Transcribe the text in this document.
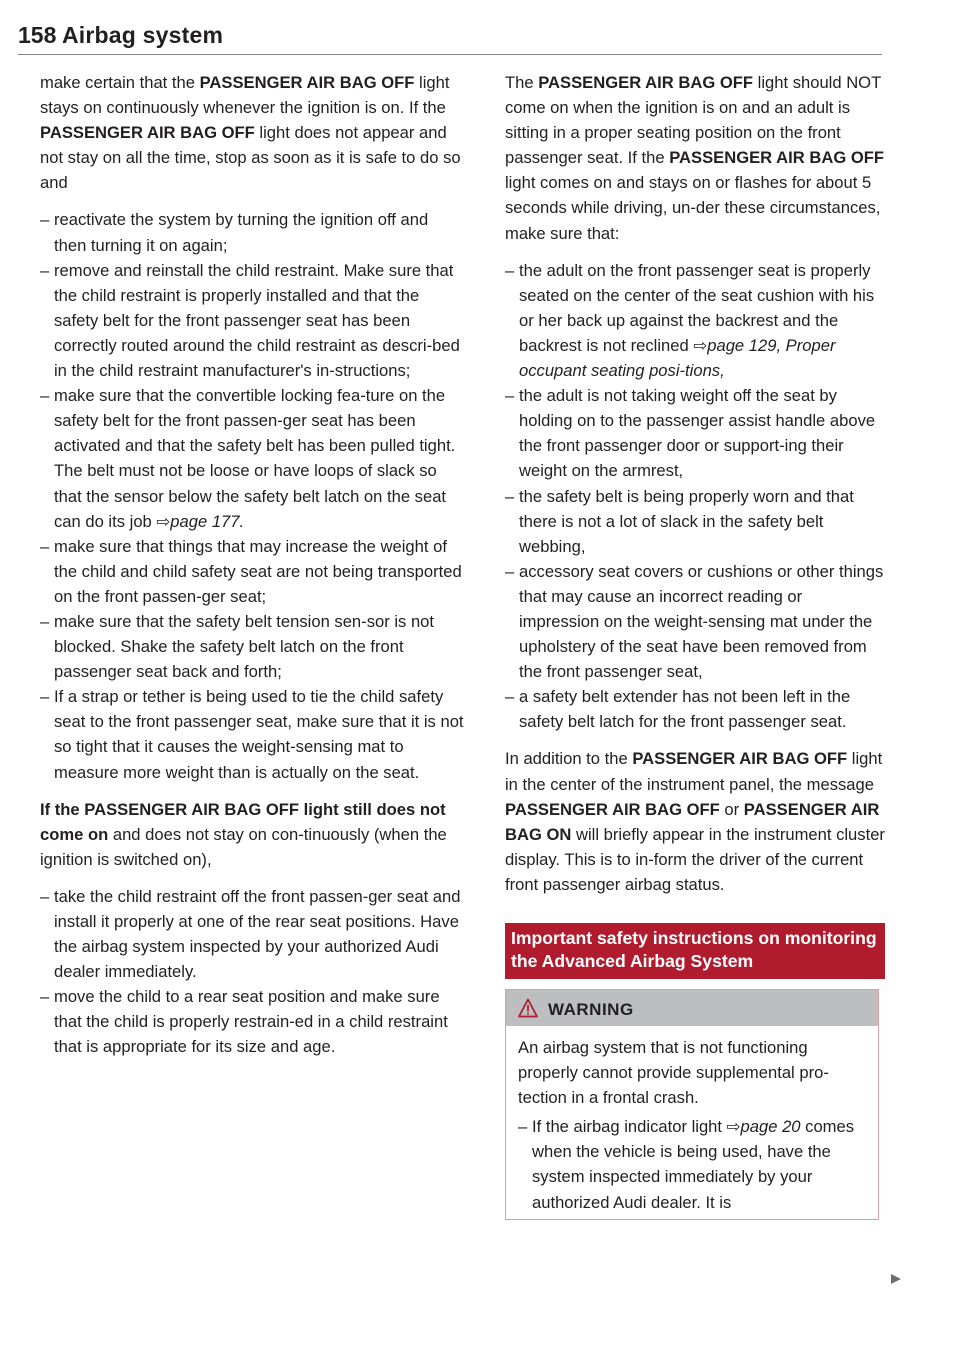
158 Airbag system

make certain that the PASSENGER AIR BAG OFF light stays on continuously whenever the ignition is on. If the PASSENGER AIR BAG OFF light does not appear and not stay on all the time, stop as soon as it is safe to do so and

– reactivate the system by turning the ignition off and then turning it on again;
– remove and reinstall the child restraint. Make sure that the child restraint is properly installed and that the safety belt for the front passenger seat has been correctly routed around the child restraint as descri-bed in the child restraint manufacturer's in-structions;
– make sure that the convertible locking fea-ture on the safety belt for the front passen-ger seat has been activated and that the safety belt has been pulled tight. The belt must not be loose or have loops of slack so that the sensor below the safety belt latch on the seat can do its job ⇨page 177.
– make sure that things that may increase the weight of the child and child safety seat are not being transported on the front passen-ger seat;
– make sure that the safety belt tension sen-sor is not blocked. Shake the safety belt latch on the front passenger seat back and forth;
– If a strap or tether is being used to tie the child safety seat to the front passenger seat, make sure that it is not so tight that it causes the weight-sensing mat to measure more weight than is actually on the seat.

If the PASSENGER AIR BAG OFF light still does not come on and does not stay on con-tinuously (when the ignition is switched on),

– take the child restraint off the front passen-ger seat and install it properly at one of the rear seat positions. Have the airbag system inspected by your authorized Audi dealer immediately.
– move the child to a rear seat position and make sure that the child is properly restrain-ed in a child restraint that is appropriate for its size and age.

The PASSENGER AIR BAG OFF light should NOT come on when the ignition is on and an adult is sitting in a proper seating position on the front passenger seat. If the PASSENGER AIR BAG OFF light comes on and stays on or flashes for about 5 seconds while driving, un-der these circumstances, make sure that:

– the adult on the front passenger seat is properly seated on the center of the seat cushion with his or her back up against the backrest and the backrest is not reclined ⇨page 129, Proper occupant seating posi-tions,
– the adult is not taking weight off the seat by holding on to the passenger assist handle above the front passenger door or support-ing their weight on the armrest,
– the safety belt is being properly worn and that there is not a lot of slack in the safety belt webbing,
– accessory seat covers or cushions or other things that may cause an incorrect reading or impression on the weight-sensing mat under the upholstery of the seat have been removed from the front passenger seat,
– a safety belt extender has not been left in the safety belt latch for the front passenger seat.

In addition to the PASSENGER AIR BAG OFF light in the center of the instrument panel, the message PASSENGER AIR BAG OFF or PASSENGER AIR BAG ON will briefly appear in the instrument cluster display. This is to in-form the driver of the current front passenger airbag status.

Important safety instructions on monitoring the Advanced Airbag System
WARNING

An airbag system that is not functioning properly cannot provide supplemental pro-tection in a frontal crash.

– If the airbag indicator light ⇨page 20 comes when the vehicle is being used, have the system inspected immediately by your authorized Audi dealer. It is
